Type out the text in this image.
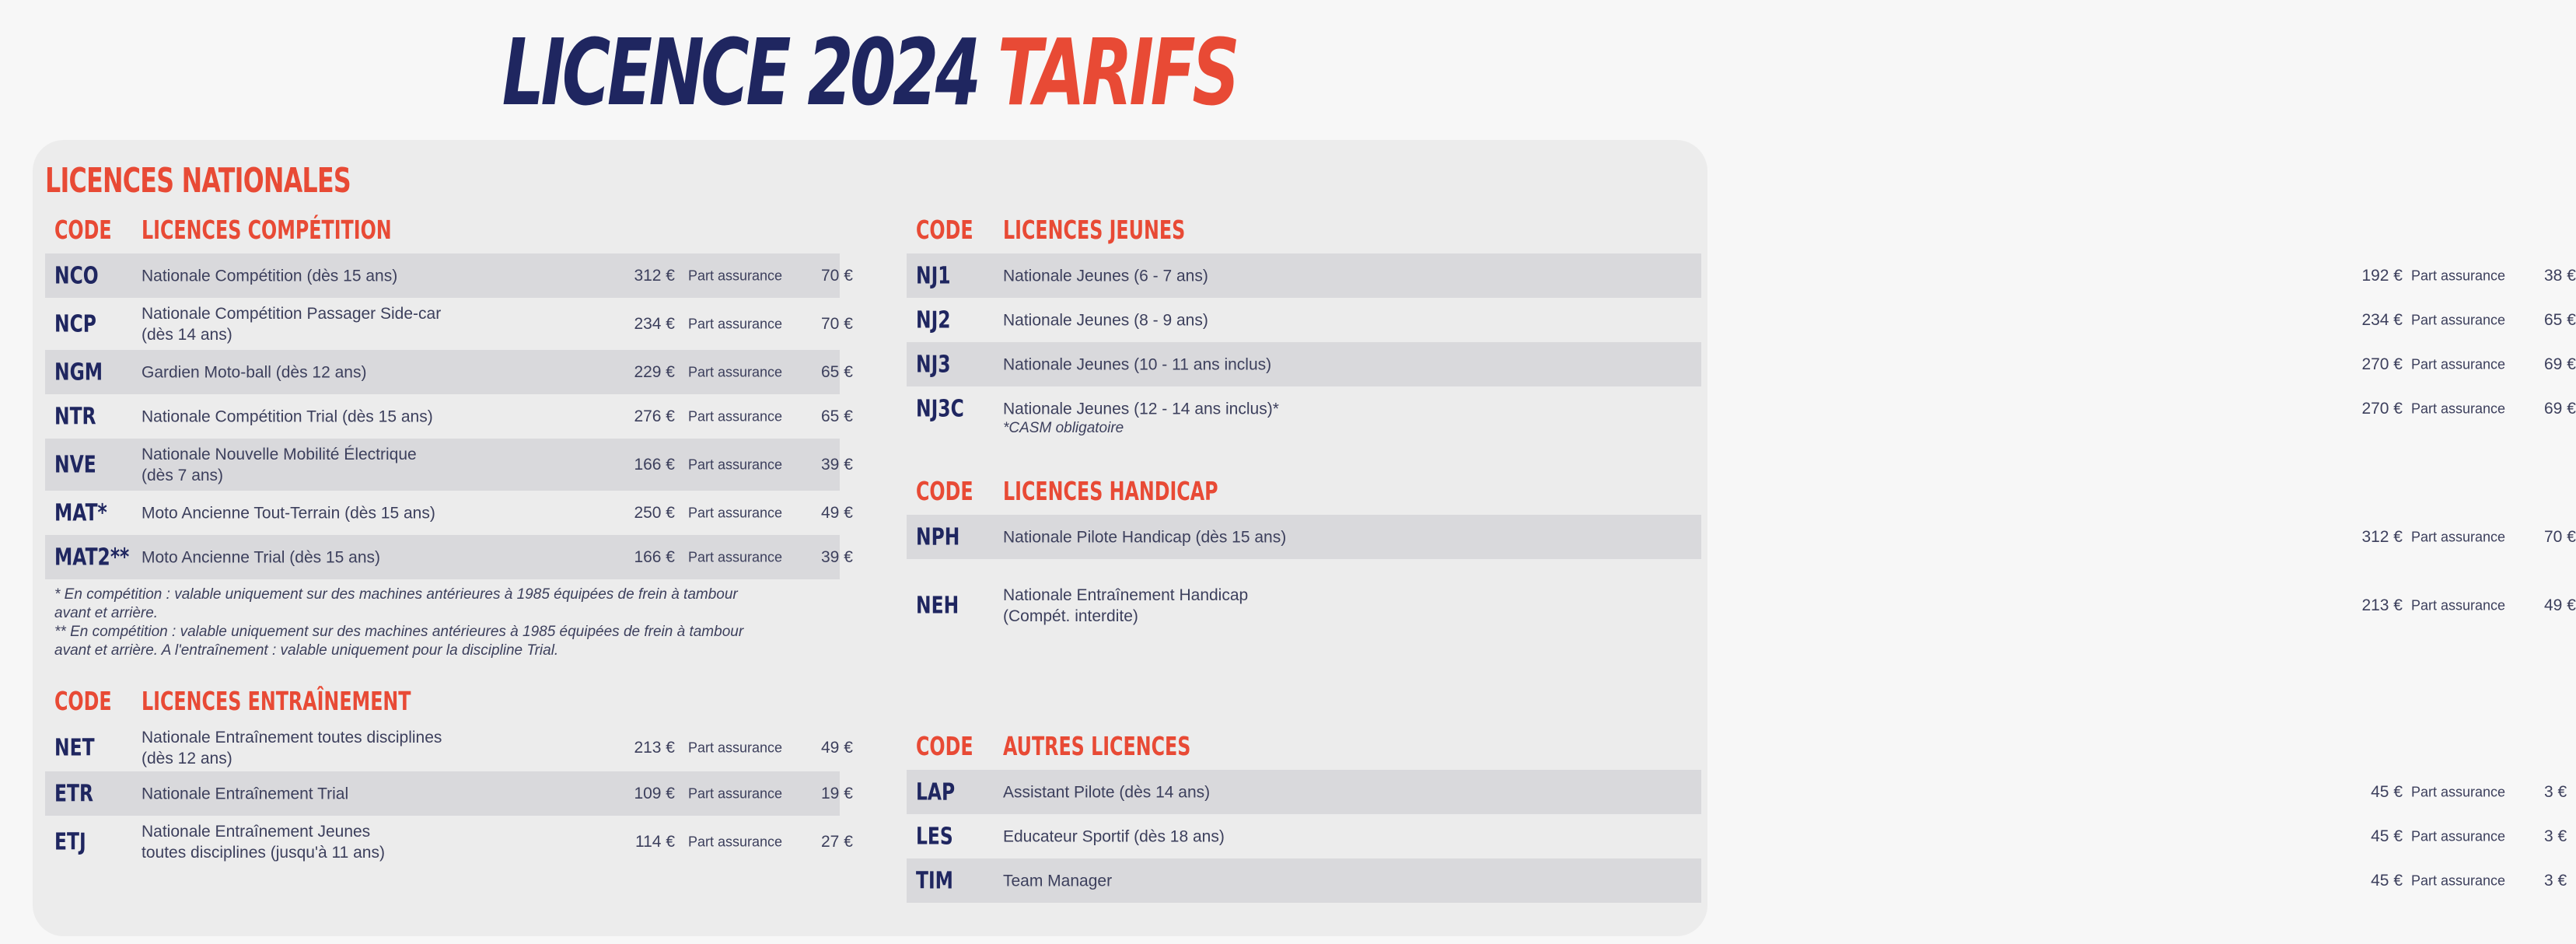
LICENCE 2024 TARIFS
LICENCES NATIONALES
CODE LICENCES COMPÉTITION
NCO	Nationale Compétition (dès 15 ans)	312 € Part assurance 70 €
NCP	Nationale Compétition Passager Side-car
(dès 14 ans)
234 € Part assurance 70 €
NGM Gardien Moto-ball (dès 12 ans)	229 € Part assurance 65 €
NTR	Nationale Compétition Trial (dès 15 ans)	276 € Part assurance 65 €
NVE	Nationale Nouvelle Mobilité Électrique
(dès 7 ans)
166 € Part assurance 39 €
MAT* Moto Ancienne Tout-Terrain (dès 15 ans)	250 € Part assurance 49 €
MAT2** Moto Ancienne Trial (dès 15 ans)	166 € Part assurance 39 €
* En compétition : valable uniquement sur des machines antérieures à 1985 équipées de frein à tambour
avant et arrière.
** En compétition : valable uniquement sur des machines antérieures à 1985 équipées de frein à tambour
avant et arrière. A l'entraînement : valable uniquement pour la discipline Trial.
CODE LICENCES ENTRAÎNEMENT
NET	Nationale Entraînement toutes disciplines
(dès 12 ans)
213 € Part assurance 49 €
ETR	Nationale Entraînement Trial	109 € Part assurance 19 €
ETJ	Nationale Entraînement Jeunes
toutes disciplines (jusqu'à 11 ans)
114 € Part assurance 27 €
CODE LICENCES JEUNES
NJ1	Nationale Jeunes (6 - 7 ans)	192 € Part assurance 38 €
NJ2	Nationale Jeunes (8 - 9 ans)	234 € Part assurance 65 €
NJ3	Nationale Jeunes (10 - 11 ans inclus)	270 € Part assurance 69 €
NJ3C Nationale Jeunes (12 - 14 ans inclus)*	270 € Part assurance 69 €
*CASM obligatoire
CODE LICENCES HANDICAP
NPH	Nationale Pilote Handicap (dès 15 ans)	312 € Part assurance 70 €
NEH	Nationale Entraînement Handicap
(Compét. interdite)
213 € Part assurance 49 €
CODE AUTRES LICENCES
LAP	Assistant Pilote (dès 14 ans)	45 € Part assurance 3 €
LES	Educateur Sportif (dès 18 ans)	45 € Part assurance 3 €
TIM	Team Manager	45 € Part assurance 3 €
